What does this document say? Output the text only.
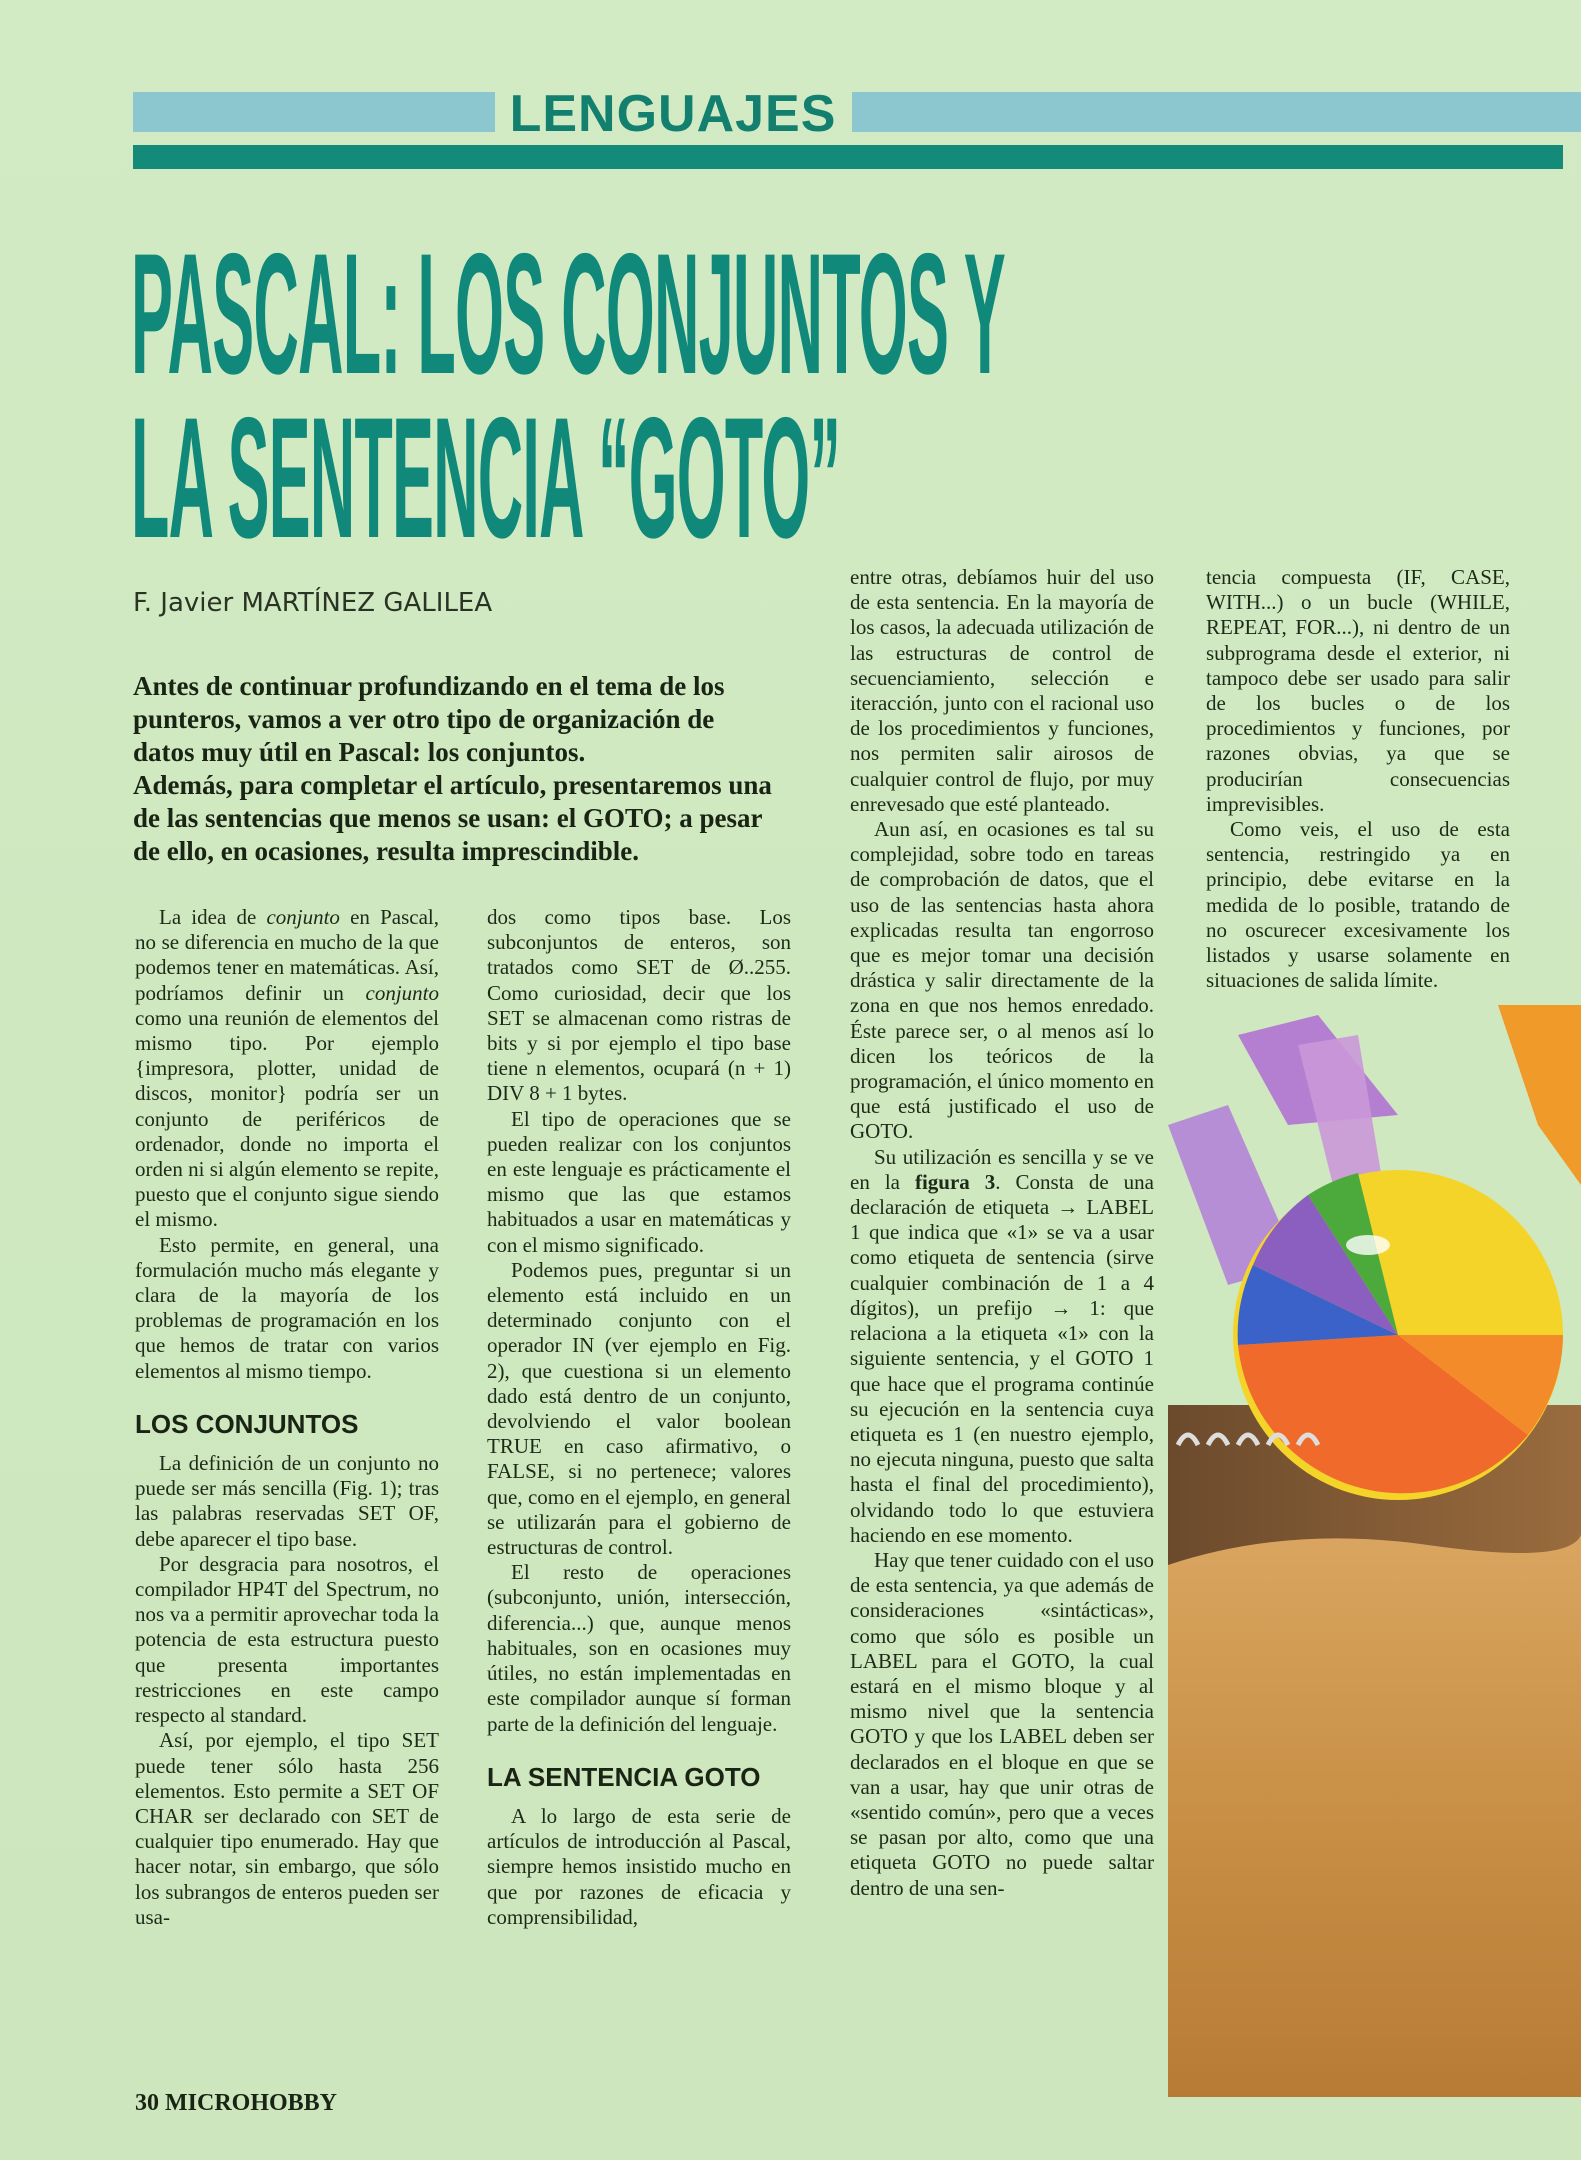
LENGUAJES
PASCAL: LOS CONJUNTOS Y
LA SENTENCIA “GOTO”
F. Javier MARTÍNEZ GALILEA

Antes de continuar profundizando en el tema de los punteros, vamos a ver otro tipo de organización de datos muy útil en Pascal: los conjuntos.

Además, para completar el artículo, presentaremos una de las sentencias que menos se usan: el GOTO; a pesar de ello, en ocasiones, resulta imprescindible.

La idea de conjunto en Pascal, no se diferencia en mucho de la que podemos tener en matemáticas. Así, podríamos definir un conjunto como una reunión de elementos del mismo tipo. Por ejemplo {impresora, plotter, unidad de discos, monitor} podría ser un conjunto de periféricos de ordenador, donde no importa el orden ni si algún elemento se repite, puesto que el conjunto sigue siendo el mismo.

Esto permite, en general, una formulación mucho más elegante y clara de la mayoría de los problemas de programación en los que hemos de tratar con varios elementos al mismo tiempo.

LOS CONJUNTOS

La definición de un conjunto no puede ser más sencilla (Fig. 1); tras las palabras reservadas SET OF, debe aparecer el tipo base.

Por desgracia para nosotros, el compilador HP4T del Spectrum, no nos va a permitir aprovechar toda la potencia de esta estructura puesto que presenta importantes restricciones en este campo respecto al standard.

Así, por ejemplo, el tipo SET puede tener sólo hasta 256 elementos. Esto permite a SET OF CHAR ser declarado con SET de cualquier tipo enumerado. Hay que hacer notar, sin embargo, que sólo los subrangos de enteros pueden ser usa-

dos como tipos base. Los subconjuntos de enteros, son tratados como SET de Ø..255. Como curiosidad, decir que los SET se almacenan como ristras de bits y si por ejemplo el tipo base tiene n elementos, ocupará (n + 1) DIV 8 + 1 bytes.

El tipo de operaciones que se pueden realizar con los conjuntos en este lenguaje es prácticamente el mismo que las que estamos habituados a usar en matemáticas y con el mismo significado.

Podemos pues, preguntar si un elemento está incluido en un determinado conjunto con el operador IN (ver ejemplo en Fig. 2), que cuestiona si un elemento dado está dentro de un conjunto, devolviendo el valor boolean TRUE en caso afirmativo, o FALSE, si no pertenece; valores que, como en el ejemplo, en general se utilizarán para el gobierno de estructuras de control.

El resto de operaciones (subconjunto, unión, intersección, diferencia...) que, aunque menos habituales, son en ocasiones muy útiles, no están implementadas en este compilador aunque sí forman parte de la definición del lenguaje.

LA SENTENCIA GOTO

A lo largo de esta serie de artículos de introducción al Pascal, siempre hemos insistido mucho en que por razones de eficacia y comprensibilidad,

entre otras, debíamos huir del uso de esta sentencia. En la mayoría de los casos, la adecuada utilización de las estructuras de control de secuenciamiento, selección e iteracción, junto con el racional uso de los procedimientos y funciones, nos permiten salir airosos de cualquier control de flujo, por muy enrevesado que esté planteado.

Aun así, en ocasiones es tal su complejidad, sobre todo en tareas de comprobación de datos, que el uso de las sentencias hasta ahora explicadas resulta tan engorroso que es mejor tomar una decisión drástica y salir directamente de la zona en que nos hemos enredado. Éste parece ser, o al menos así lo dicen los teóricos de la programación, el único momento en que está justificado el uso de GOTO.

Su utilización es sencilla y se ve en la figura 3. Consta de una declaración de etiqueta → LABEL 1 que indica que «1» se va a usar como etiqueta de sentencia (sirve cualquier combinación de 1 a 4 dígitos), un prefijo → 1: que relaciona a la etiqueta «1» con la siguiente sentencia, y el GOTO 1 que hace que el programa continúe su ejecución en la sentencia cuya etiqueta es 1 (en nuestro ejemplo, no ejecuta ninguna, puesto que salta hasta el final del procedimiento), olvidando todo lo que estuviera haciendo en ese momento.

Hay que tener cuidado con el uso de esta sentencia, ya que además de consideraciones «sintácticas», como que sólo es posible un LABEL para el GOTO, la cual estará en el mismo bloque y al mismo nivel que la sentencia GOTO y que los LABEL deben ser declarados en el bloque en que se van a usar, hay que unir otras de «sentido común», pero que a veces se pasan por alto, como que una etiqueta GOTO no puede saltar dentro de una sen-

tencia compuesta (IF, CASE, WITH...) o un bucle (WHILE, REPEAT, FOR...), ni dentro de un subprograma desde el exterior, ni tampoco debe ser usado para salir de los bucles o de los procedimientos y funciones, por razones obvias, ya que se producirían consecuencias imprevisibles.

Como veis, el uso de esta sentencia, restringido ya en principio, debe evitarse en la medida de lo posible, tratando de no oscurecer excesivamente los listados y usarse solamente en situaciones de salida límite.

30 MICROHOBBY
